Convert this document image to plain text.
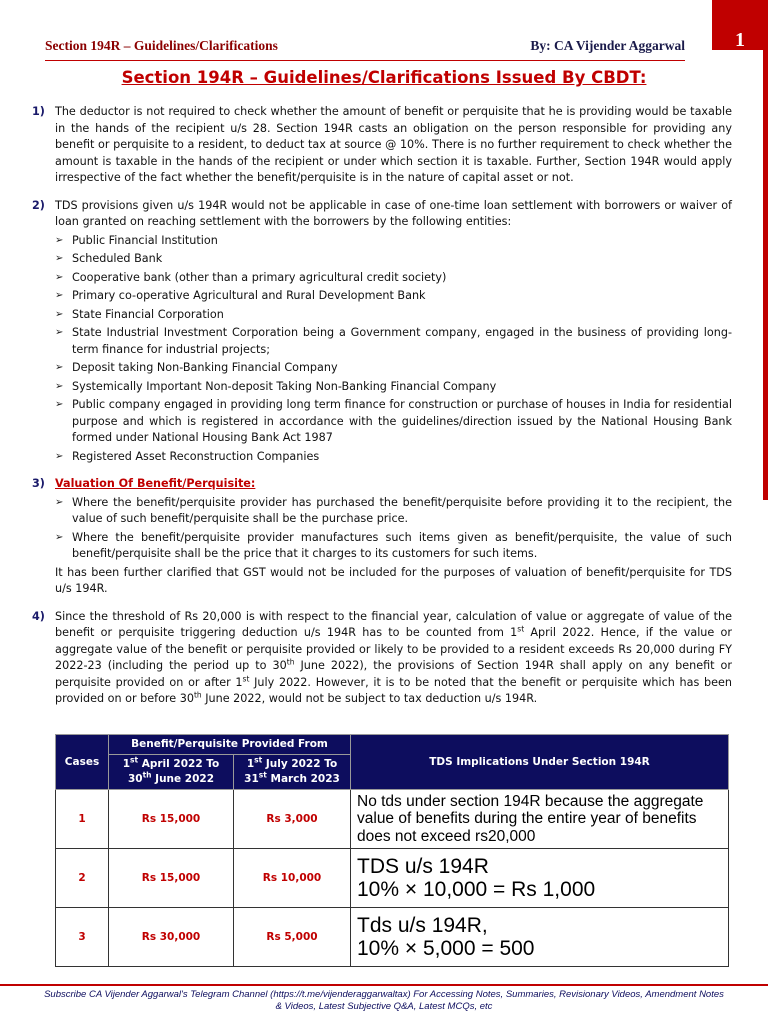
1
Section 194R – Guidelines/Clarifications	By: CA Vijender Aggarwal
Section 194R – Guidelines/Clarifications Issued By CBDT:
1) The deductor is not required to check whether the amount of benefit or perquisite that he is providing would be taxable in the hands of the recipient u/s 28. Section 194R casts an obligation on the person responsible for providing any benefit or perquisite to a resident, to deduct tax at source @ 10%. There is no further requirement to check whether the amount is taxable in the hands of the recipient or under which section it is taxable. Further, Section 194R would apply irrespective of the fact whether the benefit/perquisite is in the nature of capital asset or not.
2) TDS provisions given u/s 194R would not be applicable in case of one-time loan settlement with borrowers or waiver of loan granted on reaching settlement with the borrowers by the following entities:
➢ Public Financial Institution
➢ Scheduled Bank
➢ Cooperative bank (other than a primary agricultural credit society)
➢ Primary co-operative Agricultural and Rural Development Bank
➢ State Financial Corporation
➢ State Industrial Investment Corporation being a Government company, engaged in the business of providing long-term finance for industrial projects;
➢ Deposit taking Non-Banking Financial Company
➢ Systemically Important Non-deposit Taking Non-Banking Financial Company
➢ Public company engaged in providing long term finance for construction or purchase of houses in India for residential purpose and which is registered in accordance with the guidelines/direction issued by the National Housing Bank formed under National Housing Bank Act 1987
➢ Registered Asset Reconstruction Companies
3) Valuation Of Benefit/Perquisite:
➢ Where the benefit/perquisite provider has purchased the benefit/perquisite before providing it to the recipient, the value of such benefit/perquisite shall be the purchase price.
➢ Where the benefit/perquisite provider manufactures such items given as benefit/perquisite, the value of such benefit/perquisite shall be the price that it charges to its customers for such items.
It has been further clarified that GST would not be included for the purposes of valuation of benefit/perquisite for TDS u/s 194R.
4) Since the threshold of Rs 20,000 is with respect to the financial year, calculation of value or aggregate of value of the benefit or perquisite triggering deduction u/s 194R has to be counted from 1st April 2022. Hence, if the value or aggregate value of the benefit or perquisite provided or likely to be provided to a resident exceeds Rs 20,000 during FY 2022-23 (including the period up to 30th June 2022), the provisions of Section 194R shall apply on any benefit or perquisite provided on or after 1st July 2022. However, it is to be noted that the benefit or perquisite which has been provided on or before 30th June 2022, would not be subject to tax deduction u/s 194R.
Cases	Benefit/Perquisite Provided From		TDS Implications Under Section 194R
	1st April 2022 To
30th June 2022	1st July 2022 To
31st March 2023	
1	Rs 15,000	Rs 3,000	No tds under section 194R because the aggregate value of benefits during the entire year of benefits does not exceed rs20,000
2	Rs 15,000	Rs 10,000	TDS u/s 194R
10% × 10,000 = Rs 1,000

3	Rs 30,000	Rs 5,000	Tds u/s 194R,
10% × 5,000 = 500
Subscribe CA Vijender Aggarwal's Telegram Channel (https://t.me/vijenderaggarwaltax) For Accessing Notes, Summaries, Revisionary Videos, Amendment Notes & Videos, Latest Subjective Q&A, Latest MCQs, etc
